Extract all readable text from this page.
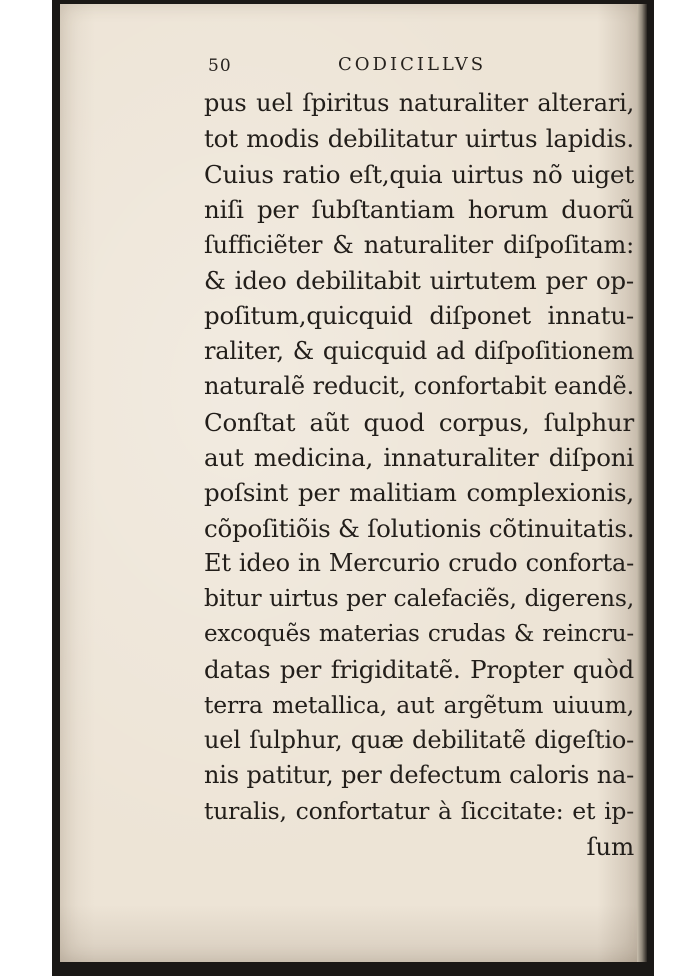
50	CODICILLVS
pus uel ſpiritus naturaliter alterari,
tot modis debilitatur uirtus lapidis.
Cuius ratio eſt,quia uirtus nõ uiget
niſi per ſubſtantiam horum duorũ
ſufficiẽter & naturaliter diſpoſitam:
& ideo debilitabit uirtutem per op-
poſitum,quicquid diſponet innatu-
raliter, & quicquid ad diſpoſitionem
naturalẽ reducit, confortabit eandẽ.
Conſtat aũt quod corpus, ſulphur
aut medicina, innaturaliter diſponi
poſsint per malitiam complexionis,
cõpoſitiõis & ſolutionis cõtinuitatis.
Et ideo in Mercurio crudo conforta-
bitur uirtus per calefaciẽs, digerens,
excoquẽs materias crudas & reincru-
datas per frigiditatẽ. Propter quòd
terra metallica, aut argẽtum uiuum,
uel ſulphur, quæ debilitatẽ digeſtio-
nis patitur, per defectum caloris na-
turalis, confortatur à ſiccitate: et ip-
ſum
